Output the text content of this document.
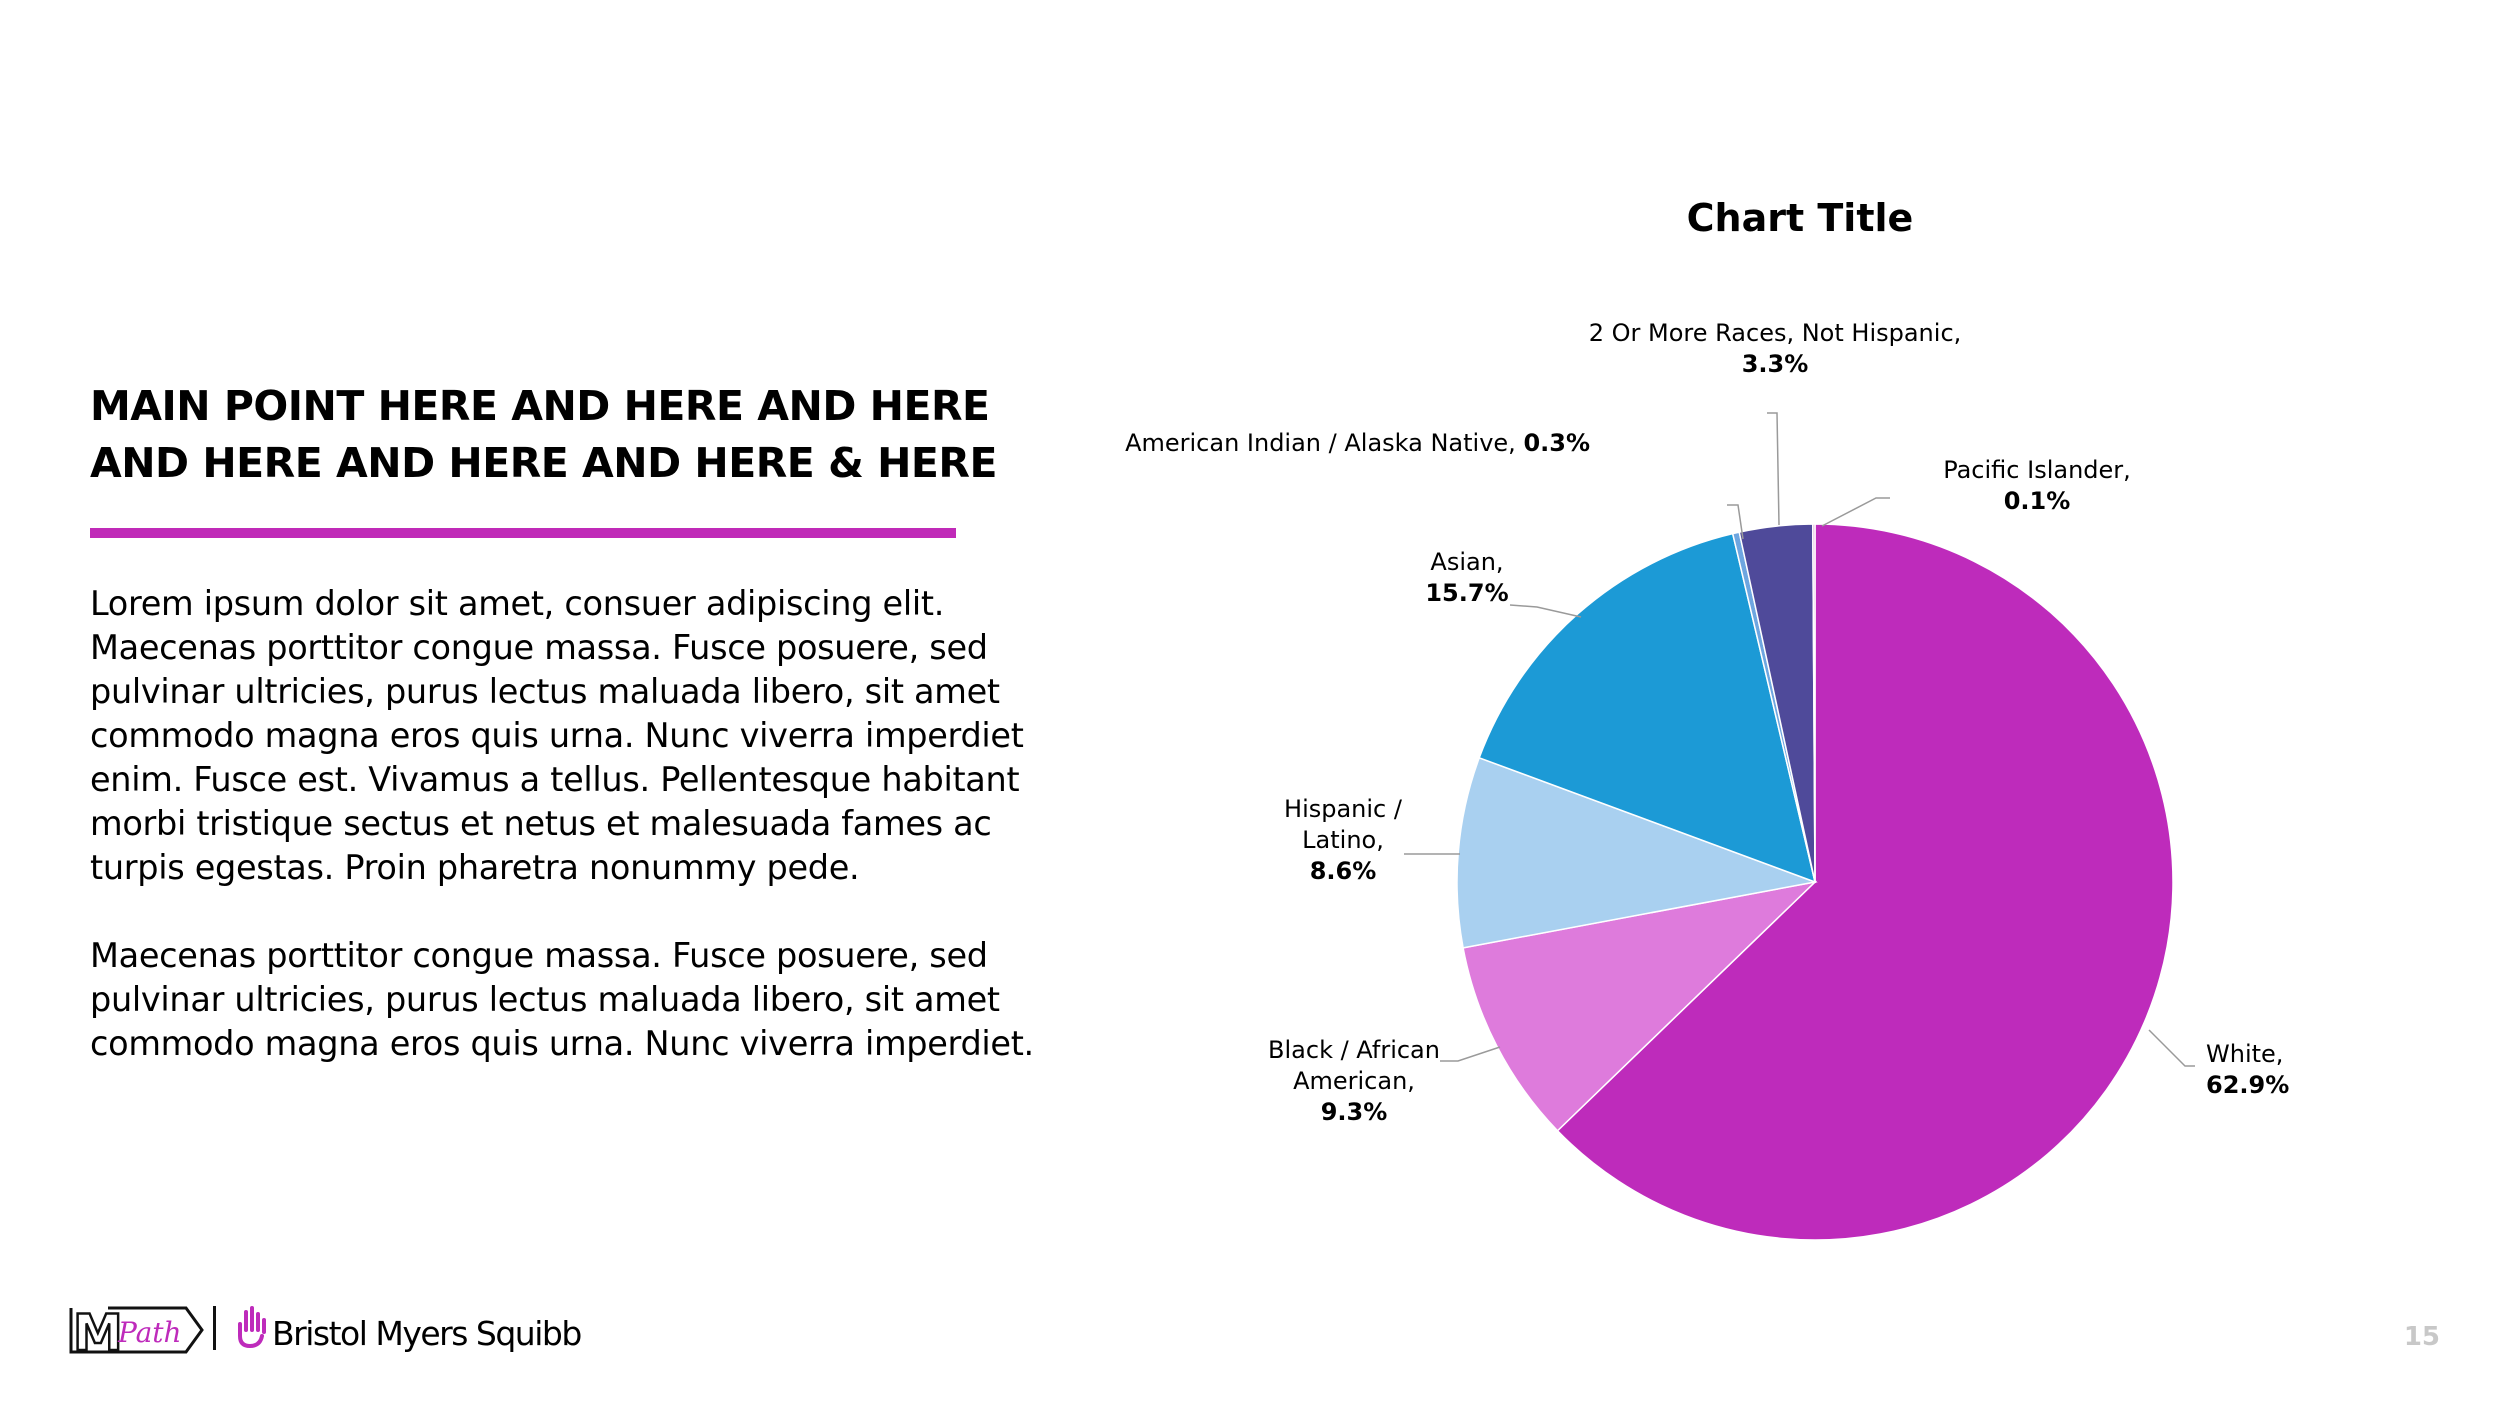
MAIN POINT HERE AND HERE AND HERE
AND HERE AND HERE AND HERE & HERE
Lorem ipsum dolor sit amet, consuer adipiscing elit.
Maecenas porttitor congue massa. Fusce posuere, sed
pulvinar ultricies, purus lectus maluada libero, sit amet
commodo magna eros quis urna. Nunc viverra imperdiet
enim. Fusce est. Vivamus a tellus. Pellentesque habitant
morbi tristique sectus et netus et malesuada fames ac
turpis egestas. Proin pharetra nonummy pede.
Maecenas porttitor congue massa. Fusce posuere, sed
pulvinar ultricies, purus lectus maluada libero, sit amet
commodo magna eros quis urna. Nunc viverra imperdiet.
Chart Title
White, 62.9%
Black / African American, 9.3%
Hispanic / Latino, 8.6%
Asian, 15.7%
American Indian / Alaska Native, 0.3%
2 Or More Races, Not Hispanic, 3.3%
Pacific Islander, 0.1%
M
Path	Bristol Myers Squibb	15
